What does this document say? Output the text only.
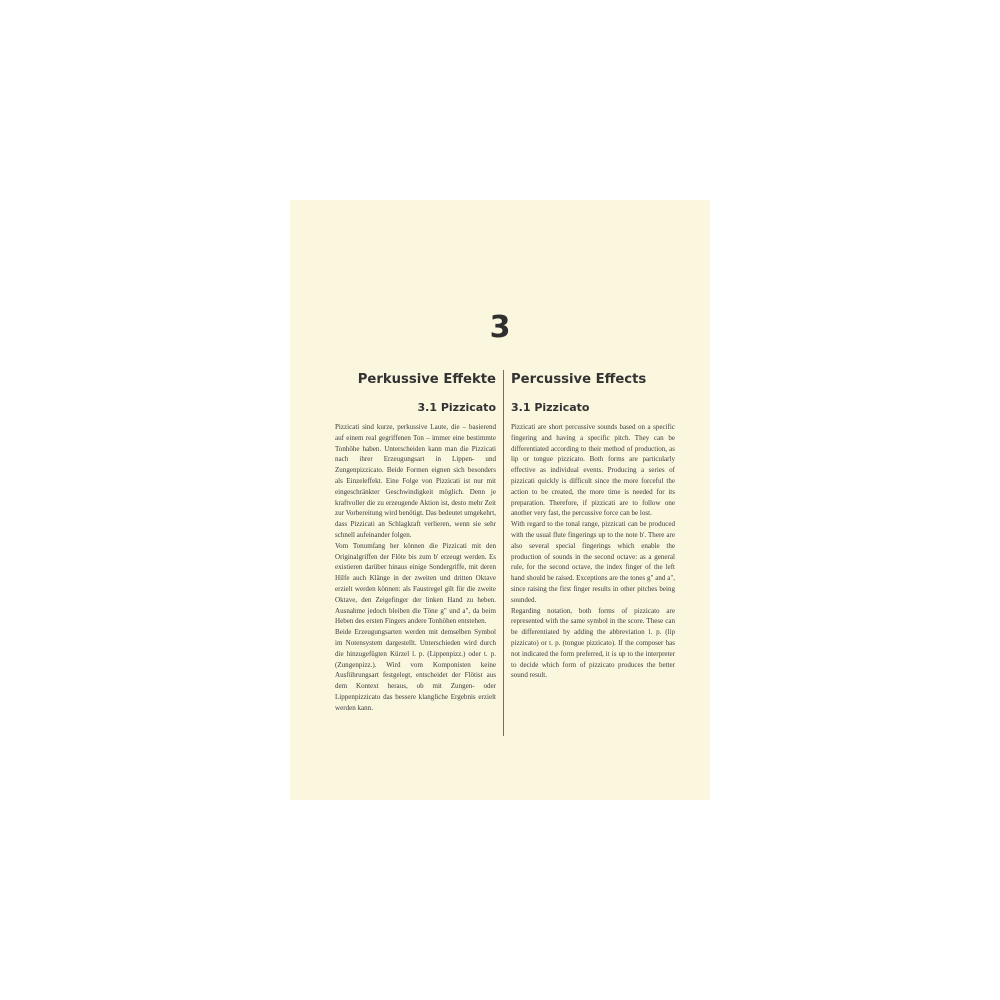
3
Perkussive Effekte
3.1 Pizzicato

Pizzicati sind kurze, perkussive Laute, die – basierend auf einem real gegriffenen Ton – immer eine bestimmte Tonhöhe haben. Unterscheiden kann man die Pizzicati nach ihrer Erzeugungsart in Lippen- und Zungenpizzicato. Beide Formen eignen sich besonders als Einzeleffekt. Eine Folge von Pizzicati ist nur mit eingeschränkter Geschwindigkeit möglich. Denn je kraftvoller die zu erzeugende Aktion ist, desto mehr Zeit zur Vorbereitung wird benötigt. Das bedeutet umgekehrt, dass Pizzicati an Schlagkraft verlieren, wenn sie sehr schnell aufeinander folgen.

Vom Tonumfang her können die Pizzicati mit den Originalgriffen der Flöte bis zum b' erzeugt werden. Es existieren darüber hinaus einige Sondergriffe, mit deren Hilfe auch Klänge in der zweiten und dritten Oktave erzielt werden können: als Faustregel gilt für die zweite Oktave, den Zeigefinger der linken Hand zu heben. Ausnahme jedoch bleiben die Töne g" und a", da beim Heben des ersten Fingers andere Tonhöhen entstehen.

Beide Erzeugungsarten werden mit demselben Symbol im Notensystem dargestellt. Unterschieden wird durch die hinzugefügten Kürzel l. p. (Lippenpizz.) oder t. p. (Zungenpizz.). Wird vom Komponisten keine Ausführungsart festgelegt, entscheidet der Flötist aus dem Kontext heraus, ob mit Zungen- oder Lippenpizzicato das bessere klangliche Ergebnis erzielt werden kann.

Percussive Effects
3.1 Pizzicato

Pizzicati are short percussive sounds based on a specific fingering and having a specific pitch. They can be differentiated according to their method of production, as lip or tongue pizzicato. Both forms are particularly effective as individual events. Producing a series of pizzicati quickly is difficult since the more forceful the action to be created, the more time is needed for its preparation. Therefore, if pizzicati are to follow one another very fast, the percussive force can be lost.

With regard to the tonal range, pizzicati can be produced with the usual flute fingerings up to the note b'. There are also several special fingerings which enable the production of sounds in the second octave: as a general rule, for the second octave, the index finger of the left hand should be raised. Exceptions are the tones g" and a", since raising the first finger results in other pitches being sounded.

Regarding notation, both forms of pizzicato are represented with the same symbol in the score. These can be differentiated by adding the abbreviation l. p. (lip pizzicato) or t. p. (tongue pizzicato). If the composer has not indicated the form preferred, it is up to the interpreter to decide which form of pizzicato produces the better sound result.
